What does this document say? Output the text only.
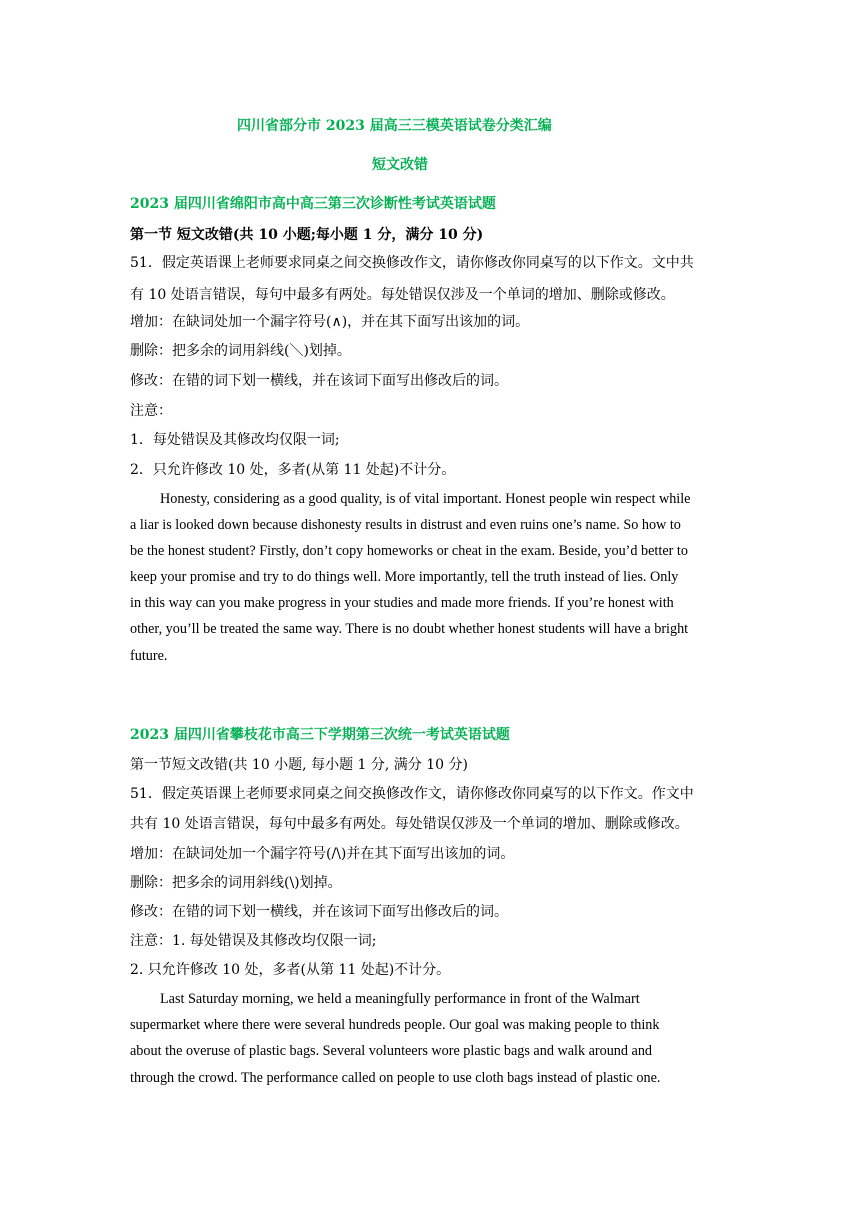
四川省部分市 2023 届高三三模英语试卷分类汇编
短文改错
2023 届四川省绵阳市高中高三第三次诊断性考试英语试题
第一节 短文改错(共 10 小题;每小题 1 分，满分 10 分)
51．假定英语课上老师要求同桌之间交换修改作文，请你修改你同桌写的以下作文。文中共
有 10 处语言错误，每句中最多有两处。每处错误仅涉及一个单词的增加、删除或修改。
增加：在缺词处加一个漏字符号(∧)，并在其下面写出该加的词。
删除：把多余的词用斜线(＼)划掉。
修改：在错的词下划一横线，并在该词下面写出修改后的词。
注意：
1．每处错误及其修改均仅限一词;
2．只允许修改 10 处，多者(从第 11 处起)不计分。
Honesty, considering as a good quality, is of vital important. Honest people win respect while
a liar is looked down because dishonesty results in distrust and even ruins one’s name. So how to
be the honest student? Firstly, don’t copy homeworks or cheat in the exam. Beside, you’d better to
keep your promise and try to do things well. More importantly, tell the truth instead of lies. Only
in this way can you make progress in your studies and made more friends. If you’re honest with
other, you’ll be treated the same way. There is no doubt whether honest students will have a bright
future.
2023 届四川省攀枝花市高三下学期第三次统一考试英语试题
第一节短文改错(共 10 小题, 每小题 1 分, 满分 10 分)
51．假定英语课上老师要求同桌之间交换修改作文，请你修改你同桌写的以下作文。作文中
共有 10 处语言错误，每句中最多有两处。每处错误仅涉及一个单词的增加、删除或修改。
增加：在缺词处加一个漏字符号(/\)并在其下面写出该加的词。
删除：把多余的词用斜线(\)划掉。
修改：在错的词下划一横线，并在该词下面写出修改后的词。
注意：1. 每处错误及其修改均仅限一词;
2. 只允许修改 10 处，多者(从第 11 处起)不计分。
Last Saturday morning, we held a meaningfully performance in front of the Walmart
supermarket where there were several hundreds people. Our goal was making people to think
about the overuse of plastic bags. Several volunteers wore plastic bags and walk around and
through the crowd. The performance called on people to use cloth bags instead of plastic one.
